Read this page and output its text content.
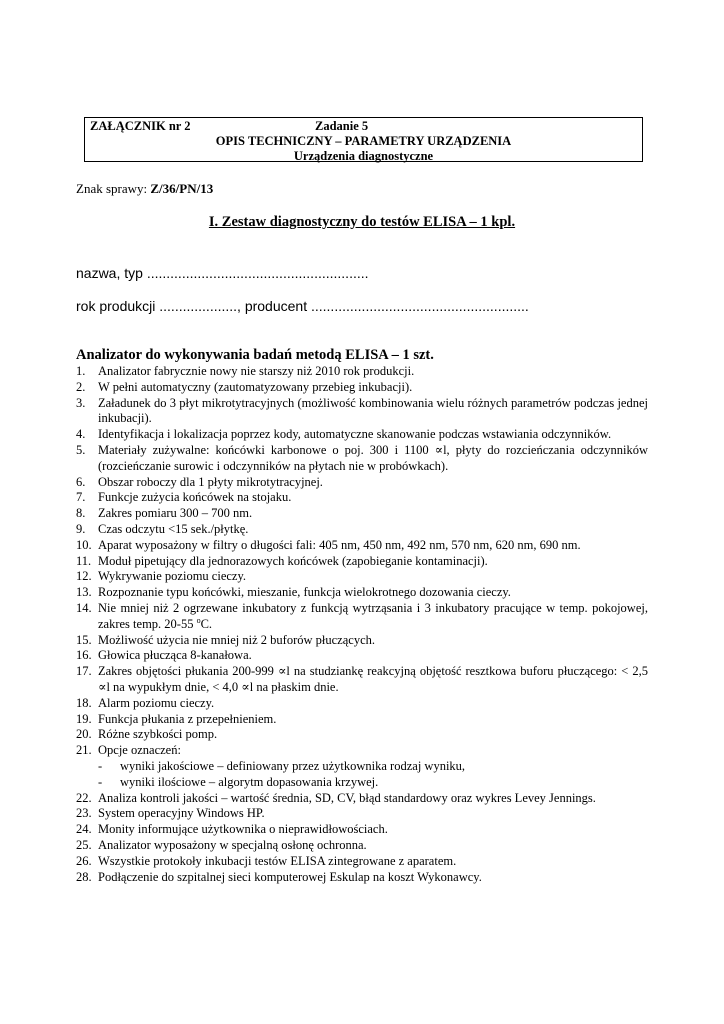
ZAŁĄCZNIK nr 2	Zadanie 5
OPIS TECHNICZNY – PARAMETRY URZĄDZENIA
Urządzenia diagnostyczne
Znak sprawy: Z/36/PN/13
I. Zestaw diagnostyczny do testów ELISA – 1 kpl.
nazwa, typ .........................................................
rok produkcji ...................., producent ........................................................
Analizator do wykonywania badań metodą ELISA – 1 szt.
1.	Analizator fabrycznie nowy nie starszy niż 2010 rok produkcji.
2.	W pełni automatyczny (zautomatyzowany przebieg inkubacji).
3.	Załadunek do 3 płyt mikrotytracyjnych (możliwość kombinowania wielu różnych parametrów podczas jednej inkubacji).
4.	Identyfikacja i lokalizacja poprzez kody, automatyczne skanowanie podczas wstawiania odczynników.
5.	Materiały zużywalne: końcówki karbonowe o poj. 300 i 1100 ∝l, płyty do rozcieńczania odczynników (rozcieńczanie surowic i odczynników na płytach nie w probówkach).
6.	Obszar roboczy dla 1 płyty mikrotytracyjnej.
7.	Funkcje zużycia końcówek na stojaku.
8.	Zakres pomiaru 300 – 700 nm.
9.	Czas odczytu <15 sek./płytkę.
10. Aparat wyposażony w filtry o długości fali: 405 nm, 450 nm, 492 nm, 570 nm, 620 nm, 690 nm.
11. Moduł pipetujący dla jednorazowych końcówek (zapobieganie kontaminacji).
12. Wykrywanie poziomu cieczy.
13. Rozpoznanie typu końcówki, mieszanie, funkcja wielokrotnego dozowania cieczy.
14. Nie mniej niż 2 ogrzewane inkubatory z funkcją wytrząsania i 3 inkubatory pracujące w temp. pokojowej, zakres temp. 20-55 $^o$C.
15. Możliwość użycia nie mniej niż 2 buforów płuczących.
16. Głowica płucząca 8-kanałowa.
17. Zakres objętości płukania 200-999 ∝l na studziankę reakcyjną objętość resztkowa buforu płuczącego: < 2,5 ∝l na wypukłym dnie, < 4,0 ∝l na płaskim dnie.
18. Alarm poziomu cieczy.
19. Funkcja płukania z przepełnieniem.
20. Różne szybkości pomp.
21. Opcje oznaczeń:
-	wyniki jakościowe – definiowany przez użytkownika rodzaj wyniku,
-	wyniki ilościowe – algorytm dopasowania krzywej.
22. Analiza kontroli jakości – wartość średnia, SD, CV, błąd standardowy oraz wykres Levey Jennings.
23. System operacyjny Windows HP.
24. Monity informujące użytkownika o nieprawidłowościach.
25. Analizator wyposażony w specjalną osłonę ochronna.
26. Wszystkie protokoły inkubacji testów ELISA zintegrowane z aparatem.
28. Podłączenie do szpitalnej sieci komputerowej Eskulap na koszt Wykonawcy.
